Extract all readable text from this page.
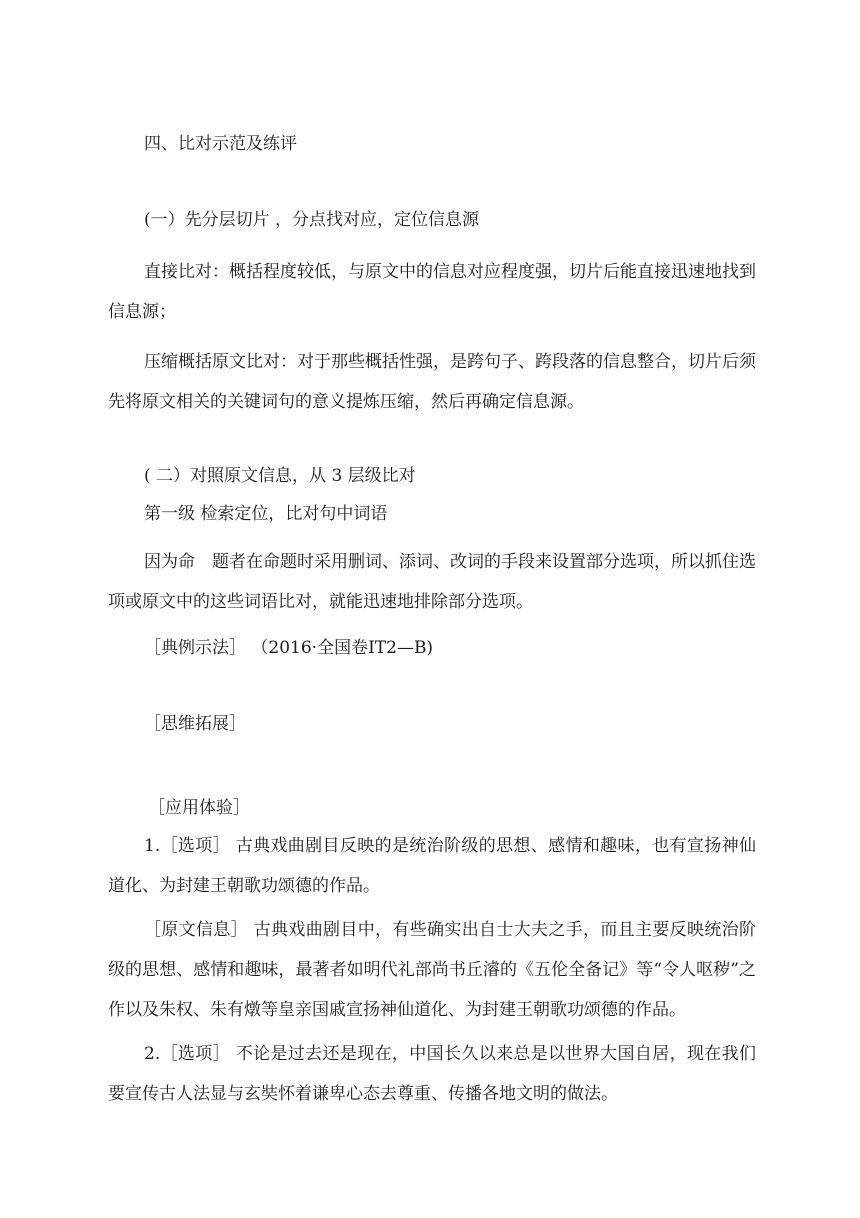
四、比对示范及练评

(一）先分层切片 ，分点找对应，定位信息源

直接比对：概括程度较低，与原文中的信息对应程度强，切片后能直接迅速地找到信息源；

压缩概括原文比对：对于那些概括性强，是跨句子、跨段落的信息整合，切片后须先将原文相关的关键词句的意义提炼压缩，然后再确定信息源。

( 二）对照原文信息，从 3 层级比对

第一级 检索定位，比对句中词语

因为命　题者在命题时采用删词、添词、改词的手段来设置部分选项，所以抓住选项或原文中的这些词语比对，就能迅速地排除部分选项。

［典例示法］ （2016·全国卷ⅠT2—B)

［思维拓展］

［应用体验］

1.［选项］ 古典戏曲剧目反映的是统治阶级的思想、感情和趣味，也有宣扬神仙道化、为封建王朝歌功颂德的作品。

［原文信息］ 古典戏曲剧目中，有些确实出自士大夫之手，而且主要反映统治阶级的思想、感情和趣味，最著者如明代礼部尚书丘濬的《五伦全备记》等“令人呕秽”之作以及朱权、朱有燉等皇亲国戚宣扬神仙道化、为封建王朝歌功颂德的作品。

2.［选项］ 不论是过去还是现在，中国长久以来总是以世界大国自居，现在我们要宣传古人法显与玄奘怀着谦卑心态去尊重、传播各地文明的做法。
